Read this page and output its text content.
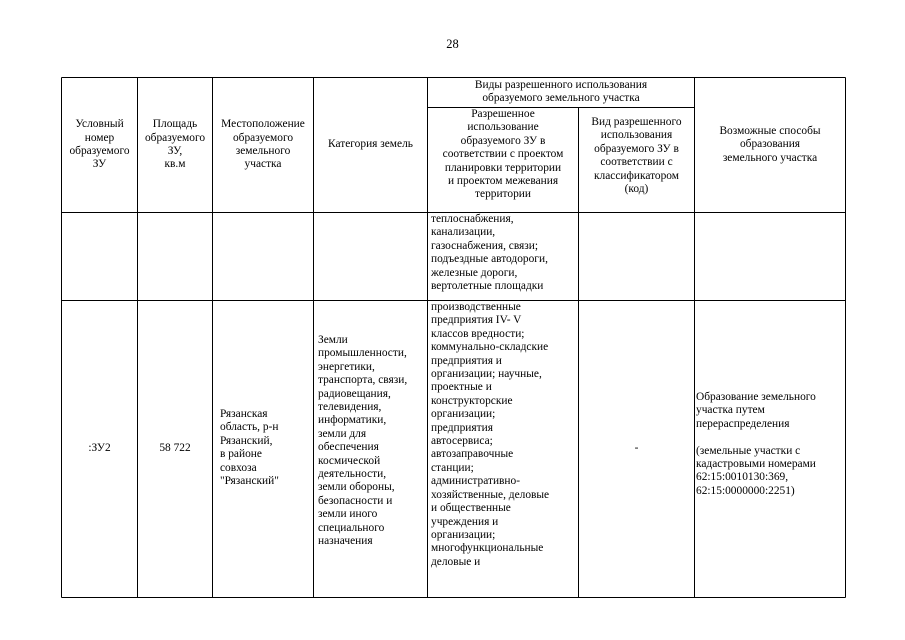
28
Условный
номер
образуемого
ЗУ
Площадь
образуемого
ЗУ,
кв.м
Местоположение
образуемого
земельного
участка
Категория земель
Виды разрешенного использования
образуемого земельного участка
Разрешенное
использование
образуемого ЗУ в
соответствии с проектом
планировки территории
и проектом межевания
территории
Вид разрешенного
использования
образуемого ЗУ в
соответствии с
классификатором
(код)
Возможные способы
образования
земельного участка
теплоснабжения,
канализации,
газоснабжения, связи;
подъездные автодороги,
железные дороги,
вертолетные площадки
:ЗУ2	58 722
Рязанская
область, р-н
Рязанский,
в районе
совхоза
"Рязанский"
Земли
промышленности,
энергетики,
транспорта, связи,
радиовещания,
телевидения,
информатики,
земли для
обеспечения
космической
деятельности,
земли обороны,
безопасности и
земли иного
специального
назначения
производственные
предприятия IV- V
классов вредности;
коммунально-складские
предприятия и
организации; научные,
проектные и
конструкторские
организации;
предприятия
автосервиса;
автозаправочные
станции;
административно-
хозяйственные, деловые
и общественные
учреждения и
организации;
многофункциональные
деловые и
-
Образование земельного
участка путем
перераспределения

(земельные участки с
кадастровыми номерами
62:15:0010130:369,
62:15:0000000:2251)
